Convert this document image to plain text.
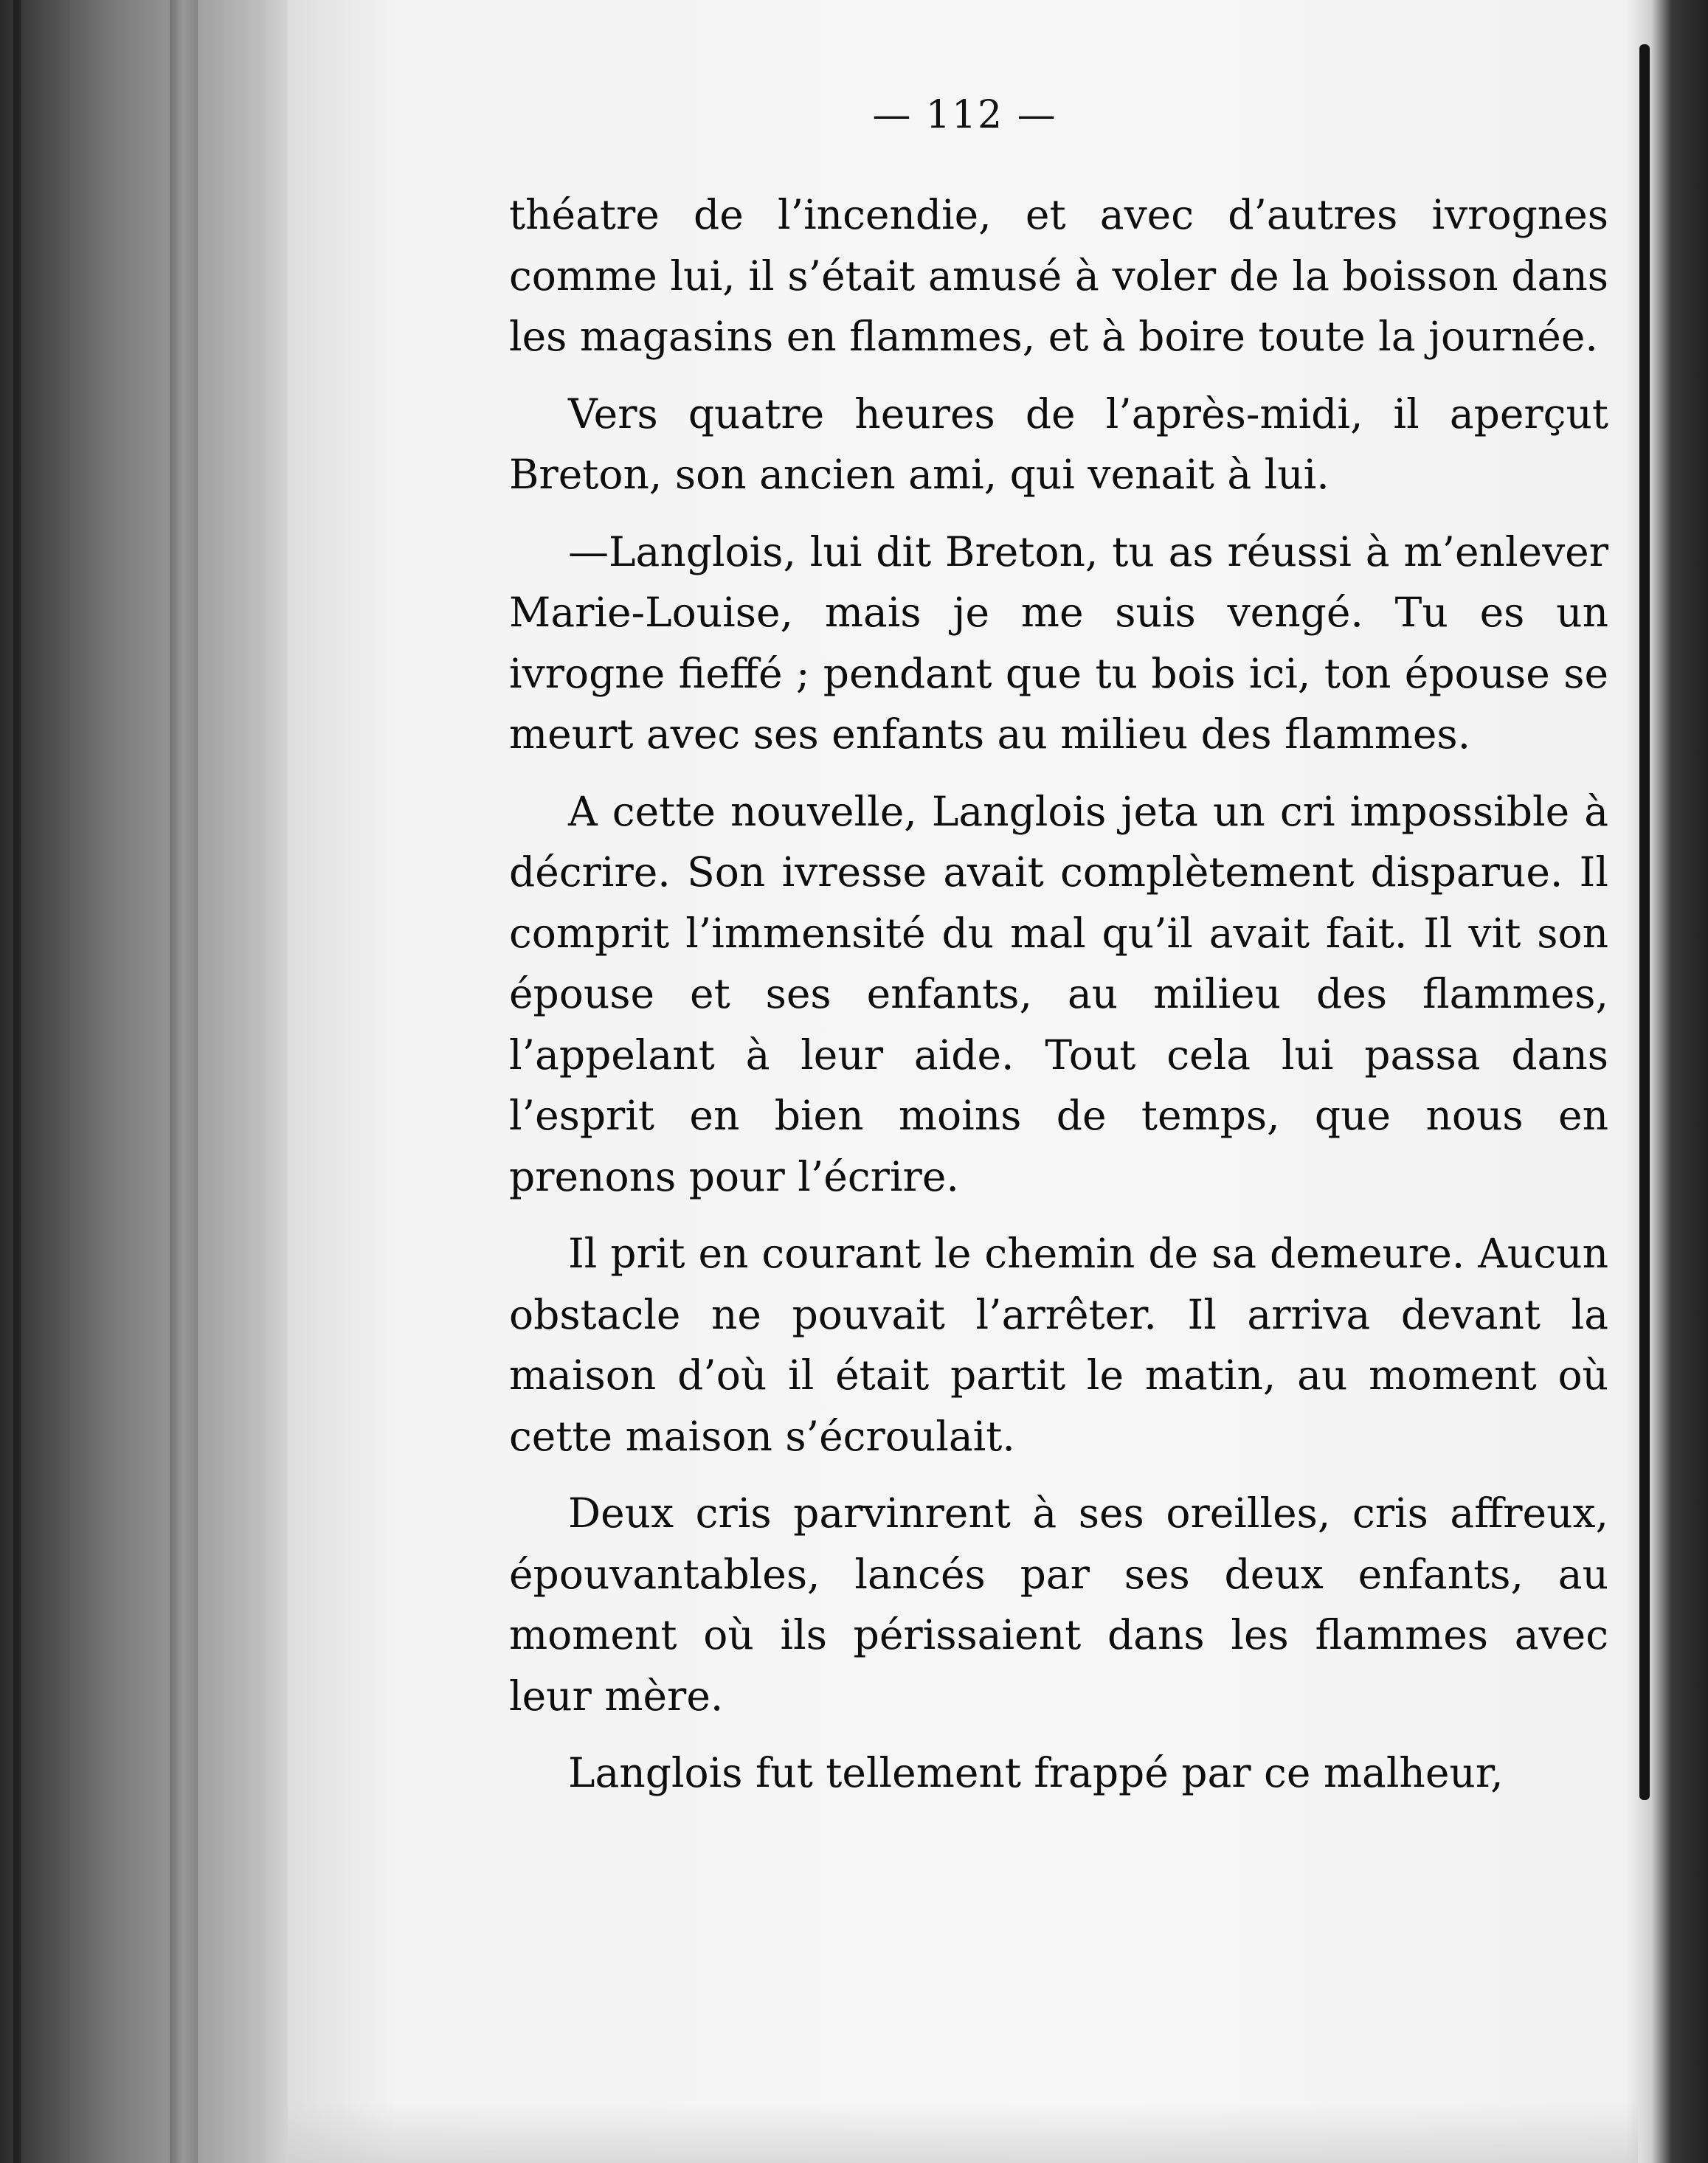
— 112 —

théatre de l’incendie, et avec d’autres ivrognes comme lui, il s’était amusé à voler de la boisson dans les magasins en flammes, et à boire toute la journée.

Vers quatre heures de l’après-midi, il aperçut Breton, son ancien ami, qui venait à lui.

—Langlois, lui dit Breton, tu as réussi à m’enlever Marie-Louise, mais je me suis vengé. Tu es un ivrogne fieffé ; pendant que tu bois ici, ton épouse se meurt avec ses enfants au milieu des flammes.

A cette nouvelle, Langlois jeta un cri impossible à décrire. Son ivresse avait complètement disparue. Il comprit l’immensité du mal qu’il avait fait. Il vit son épouse et ses enfants, au milieu des flammes, l’appelant à leur aide. Tout cela lui passa dans l’esprit en bien moins de temps, que nous en prenons pour l’écrire.

Il prit en courant le chemin de sa demeure. Aucun obstacle ne pouvait l’arrêter. Il arriva devant la maison d’où il était partit le matin, au moment où cette maison s’écroulait.

Deux cris parvinrent à ses oreilles, cris affreux, épouvantables, lancés par ses deux enfants, au moment où ils périssaient dans les flammes avec leur mère.

Langlois fut tellement frappé par ce malheur,
